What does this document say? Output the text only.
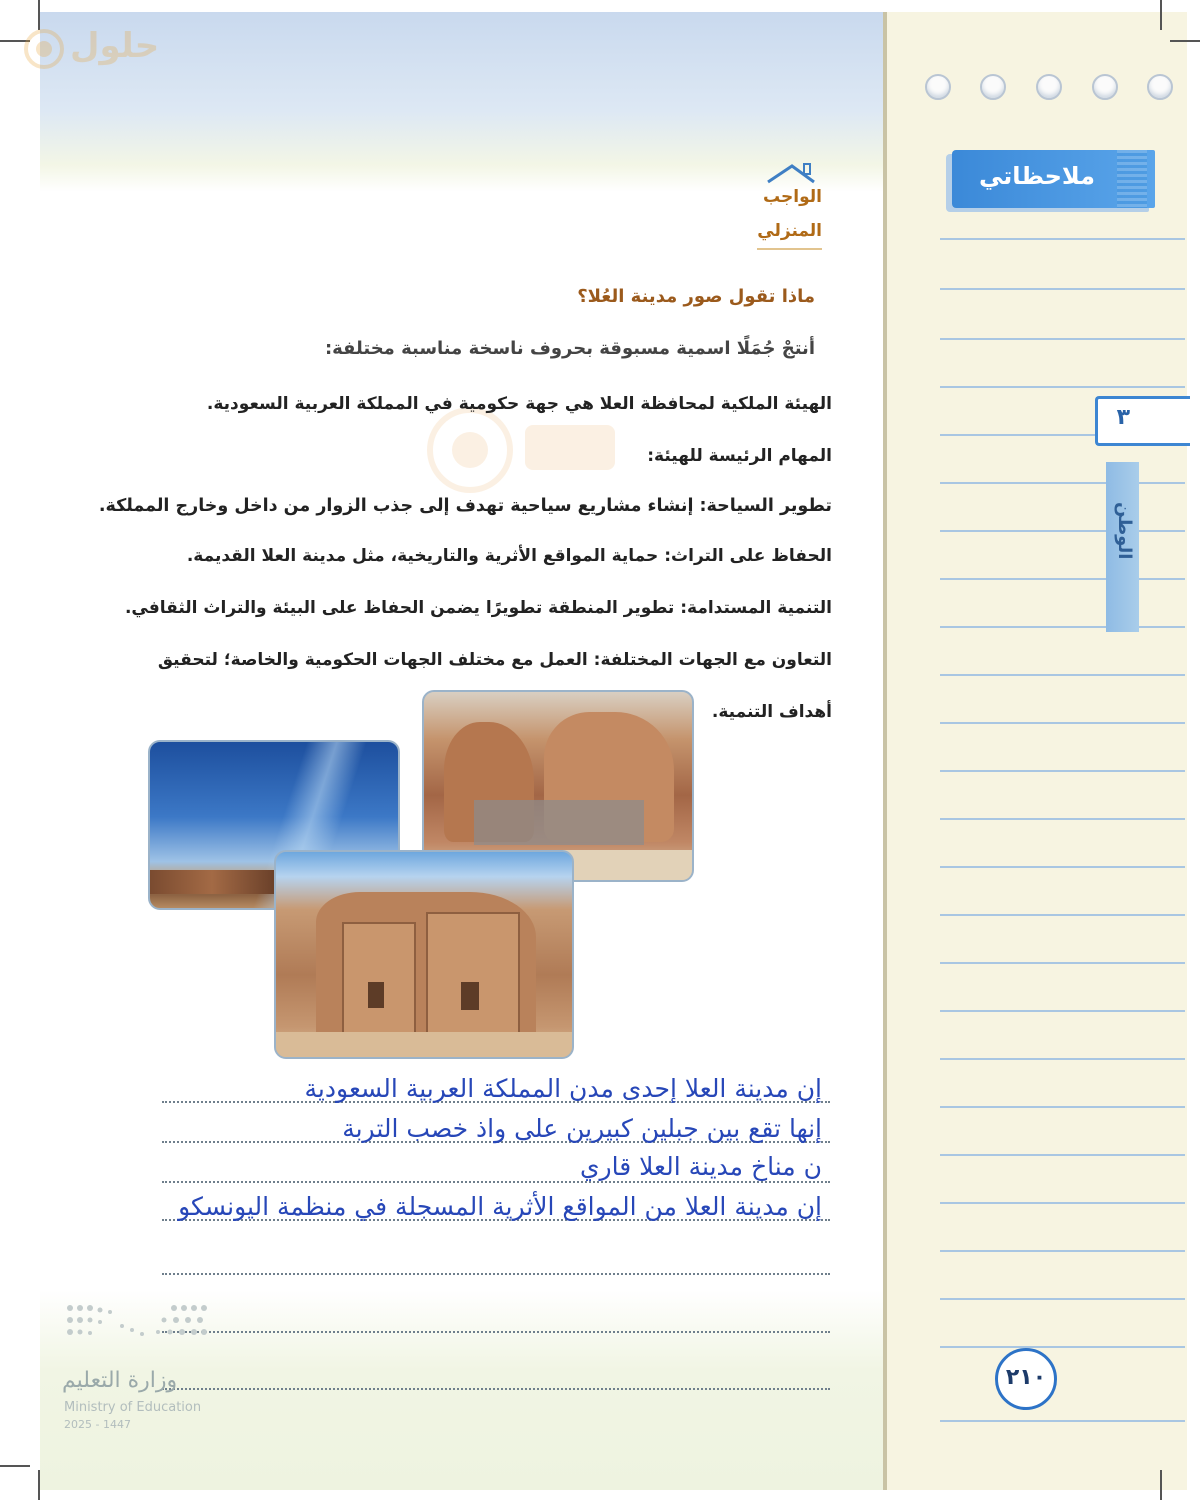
حلول
الواجب
المنزلي
ماذا تقول صور مدينة العُلا؟
أنتجْ جُمَلًا اسمية مسبوقة بحروف ناسخة مناسبة مختلفة:
الهيئة الملكية لمحافظة العلا هي جهة حكومية في المملكة العربية السعودية.
المهام الرئيسة للهيئة:
تطوير السياحة: إنشاء مشاريع سياحية تهدف إلى جذب الزوار من داخل وخارج المملكة.
الحفاظ على التراث: حماية المواقع الأثرية والتاريخية، مثل مدينة العلا القديمة.
التنمية المستدامة: تطوير المنطقة تطويرًا يضمن الحفاظ على البيئة والتراث الثقافي.
التعاون مع الجهات المختلفة: العمل مع مختلف الجهات الحكومية والخاصة؛ لتحقيق
أهداف التنمية.
إن مدينة العلا إحدى مدن المملكة العربية السعودية
إنها تقع بين جبلين كبيرين على واذ خصب التربة
ن مناخ مدينة العلا قاري
إن مدينة العلا من المواقع الأثرية المسجلة في منظمة اليونسكو
وزارة التعليم
Ministry of Education
2025 - 1447
ملاحظاتي
٣
الوطن
٢١٠
